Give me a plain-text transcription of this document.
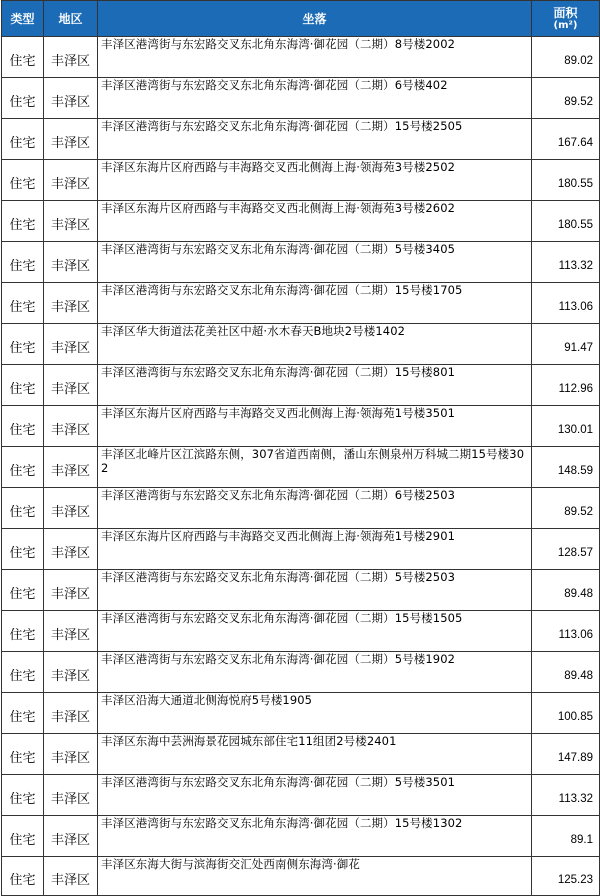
类型	地区	坐落	面积
(m²)

住宅	丰泽区	丰泽区港湾街与东宏路交叉东北角东海湾·御花园（二期）8号楼2002	89.02
住宅	丰泽区	丰泽区港湾街与东宏路交叉东北角东海湾·御花园（二期）6号楼402	89.52
住宅	丰泽区	丰泽区港湾街与东宏路交叉东北角东海湾·御花园（二期）15号楼2505	167.64
住宅	丰泽区	丰泽区东海片区府西路与丰海路交叉西北侧海上海·领海苑3号楼2502	180.55
住宅	丰泽区	丰泽区东海片区府西路与丰海路交叉西北侧海上海·领海苑3号楼2602	180.55
住宅	丰泽区	丰泽区港湾街与东宏路交叉东北角东海湾·御花园（二期）5号楼3405	113.32
住宅	丰泽区	丰泽区港湾街与东宏路交叉东北角东海湾·御花园（二期）15号楼1705	113.06
住宅	丰泽区	丰泽区华大街道法花美社区中超·水木春天B地块2号楼1402	91.47
住宅	丰泽区	丰泽区港湾街与东宏路交叉东北角东海湾·御花园（二期）15号楼801	112.96
住宅	丰泽区	丰泽区东海片区府西路与丰海路交叉西北侧海上海·领海苑1号楼3501	130.01
住宅	丰泽区	丰泽区北峰片区江滨路东侧，307省道西南侧，潘山东侧泉州万科城二期15号楼302	148.59
住宅	丰泽区	丰泽区港湾街与东宏路交叉东北角东海湾·御花园（二期）6号楼2503	89.52
住宅	丰泽区	丰泽区东海片区府西路与丰海路交叉西北侧海上海·领海苑1号楼2901	128.57
住宅	丰泽区	丰泽区港湾街与东宏路交叉东北角东海湾·御花园（二期）5号楼2503	89.48
住宅	丰泽区	丰泽区港湾街与东宏路交叉东北角东海湾·御花园（二期）15号楼1505	113.06
住宅	丰泽区	丰泽区港湾街与东宏路交叉东北角东海湾·御花园（二期）5号楼1902	89.48
住宅	丰泽区	丰泽区沿海大通道北侧海悦府5号楼1905	100.85
住宅	丰泽区	丰泽区东海中芸洲海景花园城东部住宅11组团2号楼2401	147.89
住宅	丰泽区	丰泽区港湾街与东宏路交叉东北角东海湾·御花园（二期）5号楼3501	113.32
住宅	丰泽区	丰泽区港湾街与东宏路交叉东北角东海湾·御花园（二期）15号楼1302	89.1
住宅	丰泽区	丰泽区东海大街与滨海街交汇处西南侧东海湾·御花	125.23
